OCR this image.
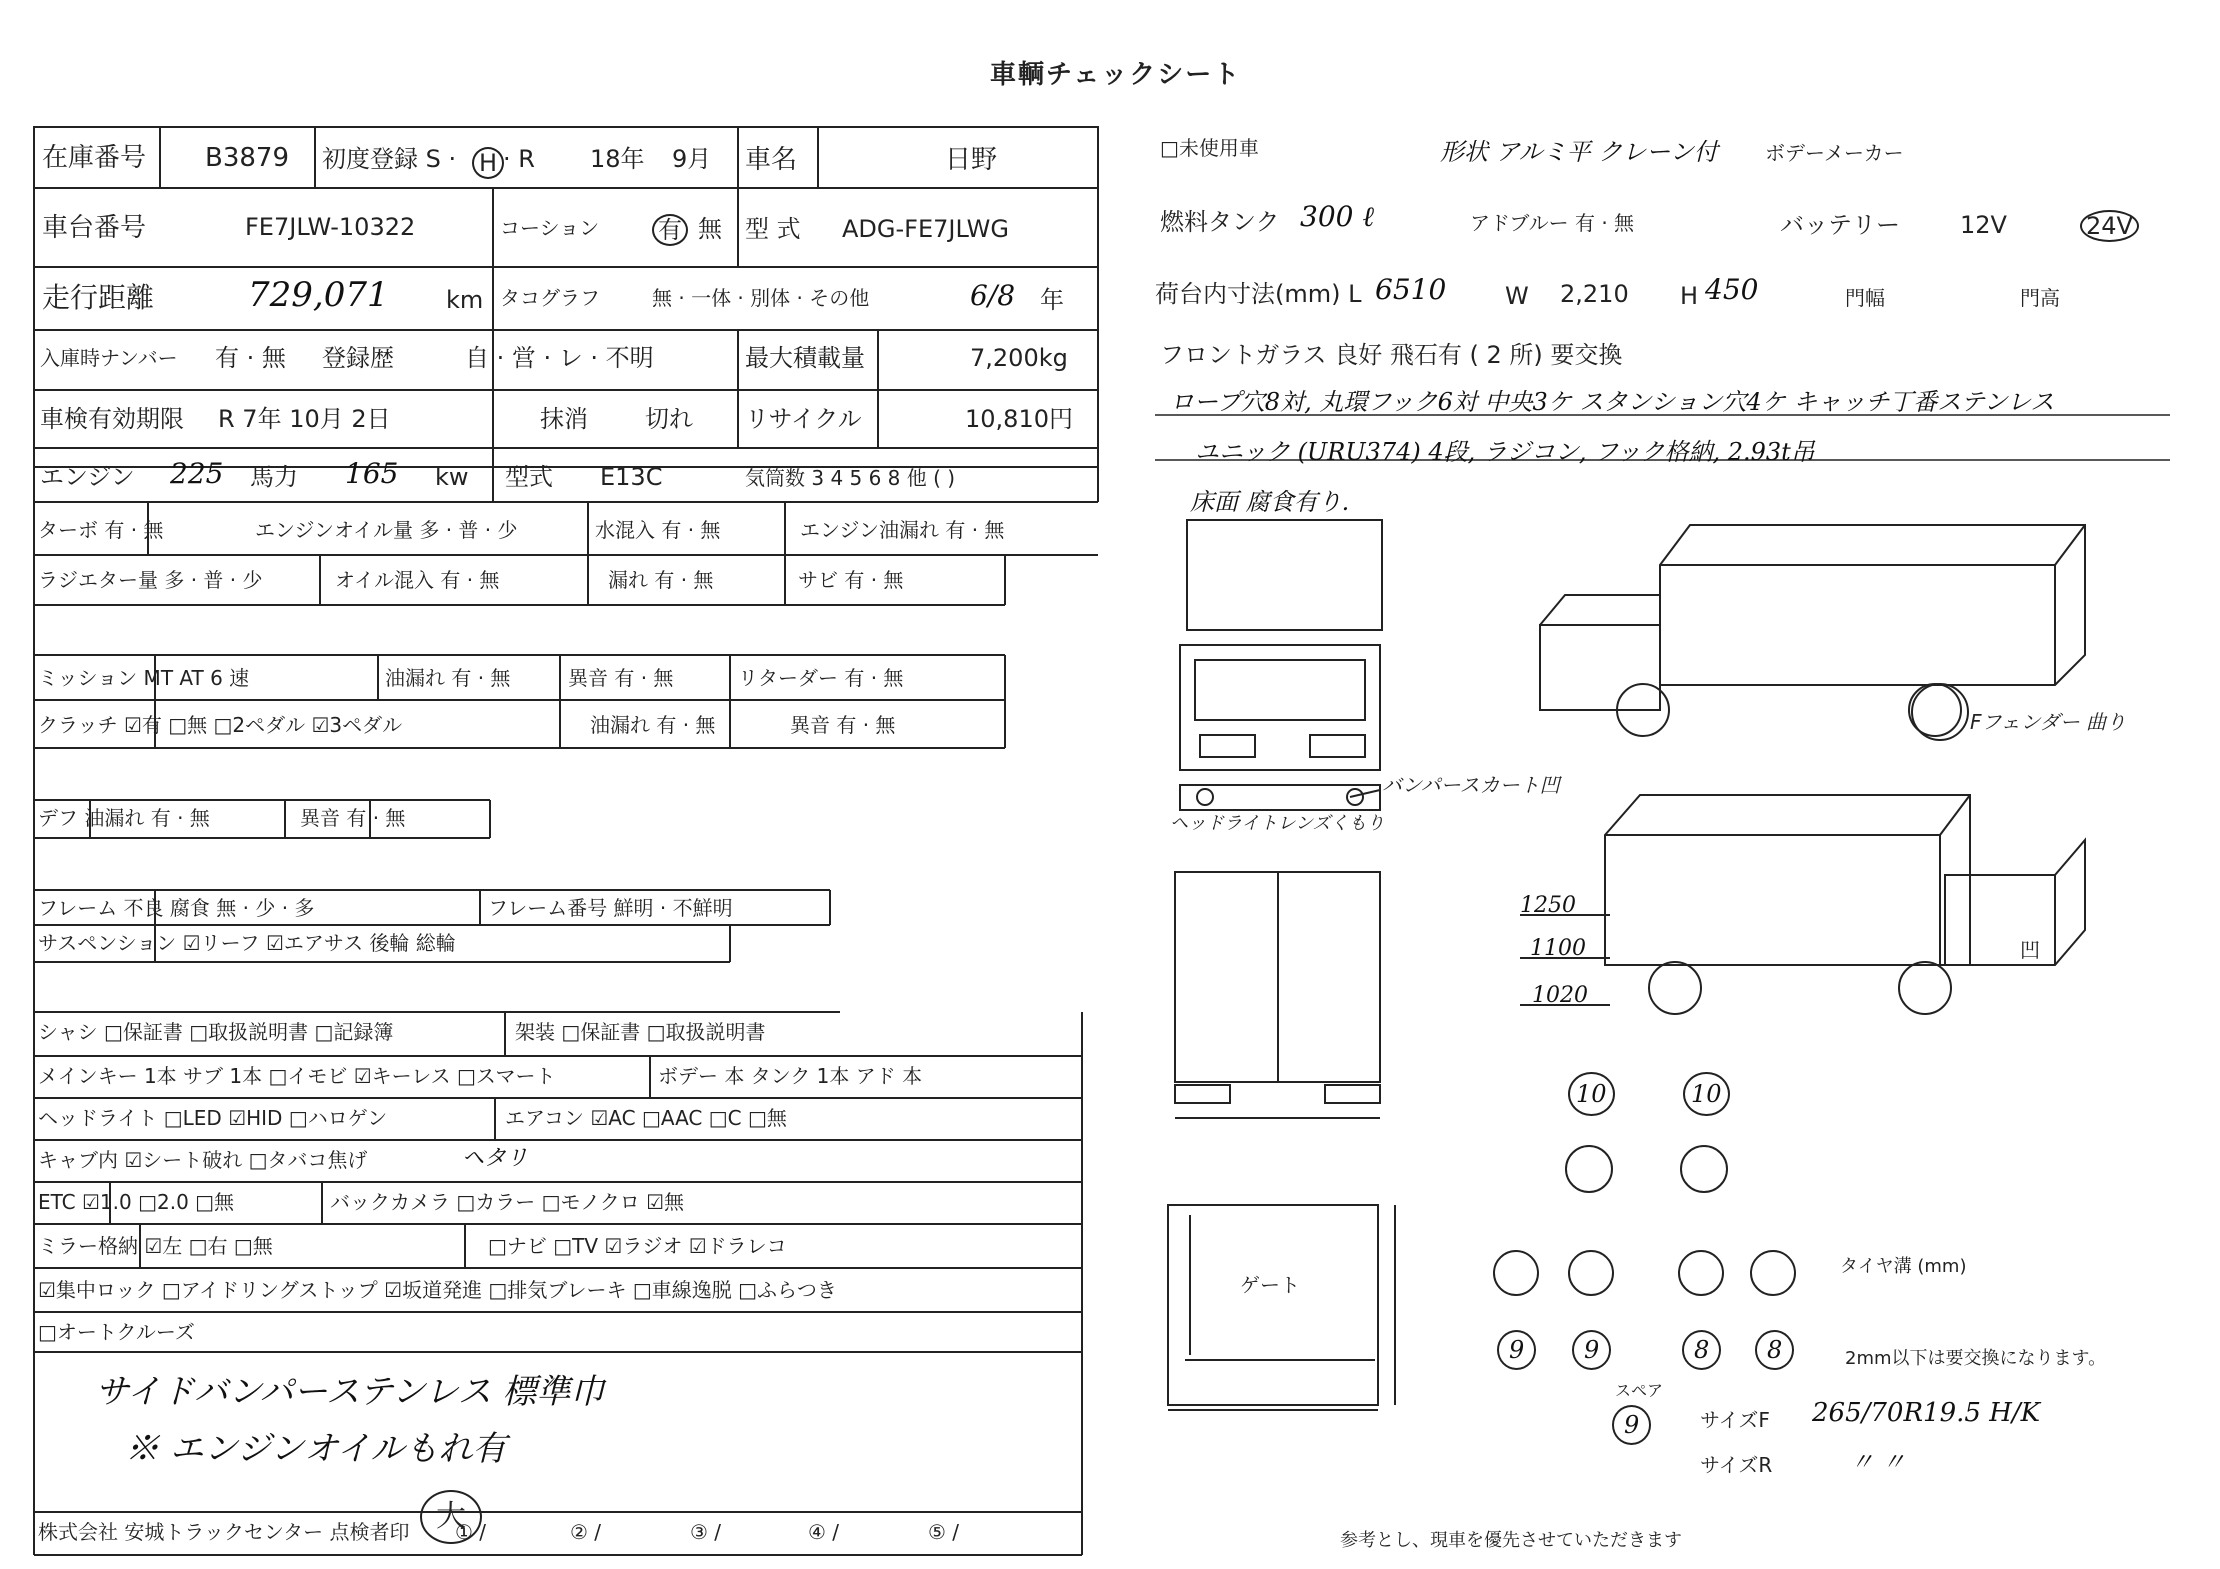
車輌チェックシート
在庫番号 B3879 初度登録 S · H · R 18年 9月 車名	日野
車台番号	FE7JLW-10322	コーション 有 無 型 式 ADG-FE7JLWG
走行距離	729,071 km タコグラフ	無 · 一体 · 別体 · その他	6/8 年
入庫時ナンバー 有 · 無 登録歴	自 · 営 · レ · 不明	最大積載量	7,200kg
車検有効期限 R 7年 10月 2日	抹消 切れ リサイクル	10,810円
エンジン 225 馬力 165 kw 型式 E13C	気筒数 3 4 5 6 8 他 ( )
ターボ 有 · 無	エンジンオイル量 多 · 普 · 少	水混入 有 · 無	エンジン油漏れ 有 · 無
ラジエター量 多 · 普 · 少	オイル混入 有 · 無	漏れ 有 · 無	サビ 有 · 無
ミッション MT AT 6 速	油漏れ 有 · 無	異音 有 · 無	リターダー 有 · 無
クラッチ ☑有 □無 □2ペダル ☑3ペダル	油漏れ 有 · 無	異音 有 · 無
デフ 油漏れ 有 · 無	異音 有 · 無
フレーム 不良 腐食 無 · 少 · 多	フレーム番号 鮮明 · 不鮮明
サスペンション ☑リーフ ☑エアサス 後輪 総輪
シャシ □保証書 □取扱説明書 □記録簿	架装 □保証書 □取扱説明書
メインキー 1本 サブ 1本 □イモビ ☑キーレス □スマート	ボデー 本 タンク 1本 アド 本
ヘッドライト □LED ☑HID □ハロゲン	エアコン ☑AC □AAC □C □無
キャブ内 ☑シート破れ □タバコ焦げ	ヘタリ
ETC ☑1.0 □2.0 □無	バックカメラ □カラー □モノクロ ☑無
ミラー格納 ☑左 □右 □無	□ナビ □TV ☑ラジオ ☑ドラレコ
☑集中ロック □アイドリングストップ ☑坂道発進 □排気ブレーキ □車線逸脱 □ふらつき
□オートクルーズ
サイドバンパーステンレス 標準巾
※ エンジンオイルもれ有
株式会社 安城トラックセンター 点検者印 大
① /	② /	③ /	④ /	⑤ /
□未使用車	形状 アルミ平 クレーン付 ボデーメーカー
燃料タンク 300 ℓ	アドブルー 有 · 無	バッテリー	12V	24V
荷台内寸法(mm) L 6510 W 2,210 H 450	門幅	門高
フロントガラス 良好 飛石有 ( 2 所) 要交換
ロープ穴8対, 丸環フック6対 中央3ケ スタンション穴4ケ キャッチ丁番ステンレス
ユニック (URU374) 4段, ラジコン, フック格納, 2.93t吊
床面 腐食有り.
Fフェンダー 曲り
バンパースカート凹
ヘッドライトレンズくもり
1250
1100
1020
凹
ゲート
10	10
9	9	8	8
タイヤ溝 (mm)
2mm以下は要交換になります。
スペア
9	サイズF 265/70R19.5 H/K
サイズR	〃 〃
参考とし、現車を優先させていただきます
